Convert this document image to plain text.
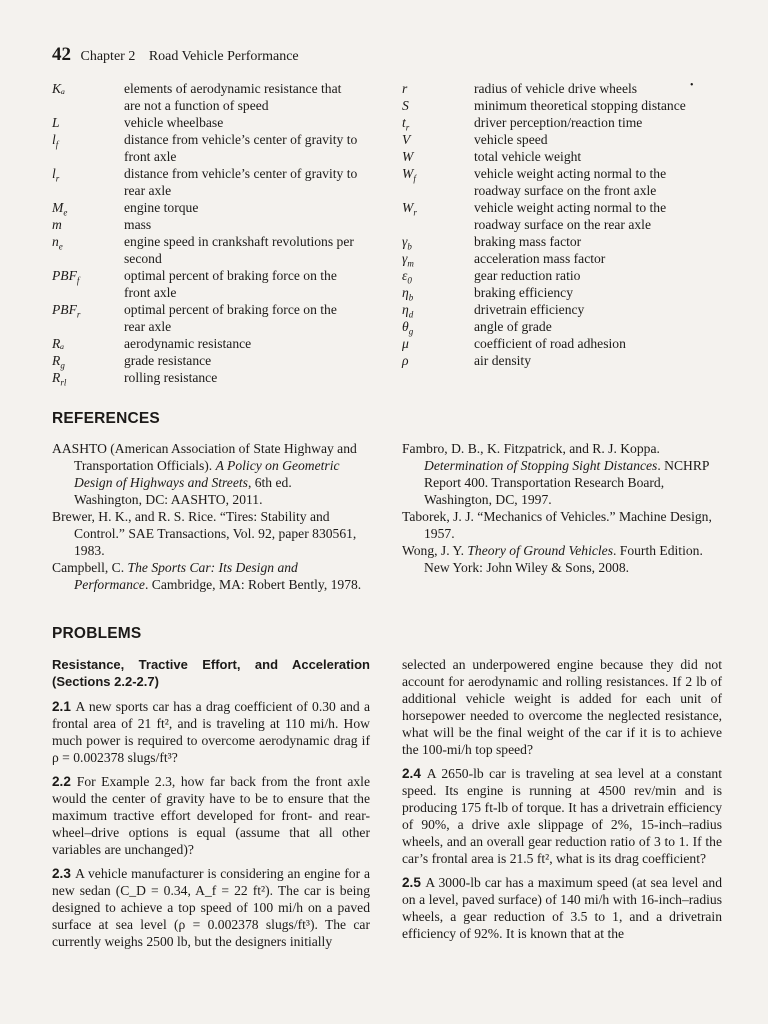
42 Chapter 2 Road Vehicle Performance
•
Kₐ	elements of aerodynamic resistance that
are not a function of speed
L	vehicle wheelbase
$l_f$	distance from vehicle’s center of gravity to
front axle
$l_r$	distance from vehicle’s center of gravity to
rear axle
$M_e$	engine torque
m	mass
$n_e$	engine speed in crankshaft revolutions per
second
$PBF_f$	optimal percent of braking force on the
front axle
$PBF_r$	optimal percent of braking force on the
rear axle
Rₐ	aerodynamic resistance
$R_g$	grade resistance
$R_{rl}$	rolling resistance
r	radius of vehicle drive wheels
S	minimum theoretical stopping distance
$t_r$	driver perception/reaction time
V	vehicle speed
W	total vehicle weight
$W_f$	vehicle weight acting normal to the
roadway surface on the front axle
$W_r$	vehicle weight acting normal to the
roadway surface on the rear axle
$\gamma_b$	braking mass factor
$\gamma_m$	acceleration mass factor
$\varepsilon_0$	gear reduction ratio
$\eta_b$	braking efficiency
$\eta_d$	drivetrain efficiency
$\theta_g$	angle of grade
μ	coefficient of road adhesion
ρ	air density
REFERENCES

AASHTO (American Association of State Highway and Transportation Officials). A Policy on Geometric Design of Highways and Streets, 6th ed. Washington, DC: AASHTO, 2011.

Brewer, H. K., and R. S. Rice. “Tires: Stability and Control.” SAE Transactions, Vol. 92, paper 830561, 1983.

Campbell, C. The Sports Car: Its Design and Performance. Cambridge, MA: Robert Bently, 1978.

Fambro, D. B., K. Fitzpatrick, and R. J. Koppa. Determination of Stopping Sight Distances. NCHRP Report 400. Transportation Research Board, Washington, DC, 1997.

Taborek, J. J. “Mechanics of Vehicles.” Machine Design, 1957.

Wong, J. Y. Theory of Ground Vehicles. Fourth Edition. New York: John Wiley & Sons, 2008.

PROBLEMS
Resistance, Tractive Effort, and Acceleration (Sections 2.2-2.7)

2.1 A new sports car has a drag coefficient of 0.30 and a frontal area of 21 ft², and is traveling at 110 mi/h. How much power is required to overcome aerodynamic drag if ρ = 0.002378 slugs/ft³?

2.2 For Example 2.3, how far back from the front axle would the center of gravity have to be to ensure that the maximum tractive effort developed for front- and rear-wheel–drive options is equal (assume that all other variables are unchanged)?

2.3 A vehicle manufacturer is considering an engine for a new sedan (C_D = 0.34, A_f = 22 ft²). The car is being designed to achieve a top speed of 100 mi/h on a paved surface at sea level (ρ = 0.002378 slugs/ft³). The car currently weighs 2500 lb, but the designers initially

selected an underpowered engine because they did not account for aerodynamic and rolling resistances. If 2 lb of additional vehicle weight is added for each unit of horsepower needed to overcome the neglected resistance, what will be the final weight of the car if it is to achieve the 100-mi/h top speed?

2.4 A 2650-lb car is traveling at sea level at a constant speed. Its engine is running at 4500 rev/min and is producing 175 ft-lb of torque. It has a drivetrain efficiency of 90%, a drive axle slippage of 2%, 15-inch–radius wheels, and an overall gear reduction ratio of 3 to 1. If the car’s frontal area is 21.5 ft², what is its drag coefficient?

2.5 A 3000-lb car has a maximum speed (at sea level and on a level, paved surface) of 140 mi/h with 16-inch–radius wheels, a gear reduction of 3.5 to 1, and a drivetrain efficiency of 92%. It is known that at the
